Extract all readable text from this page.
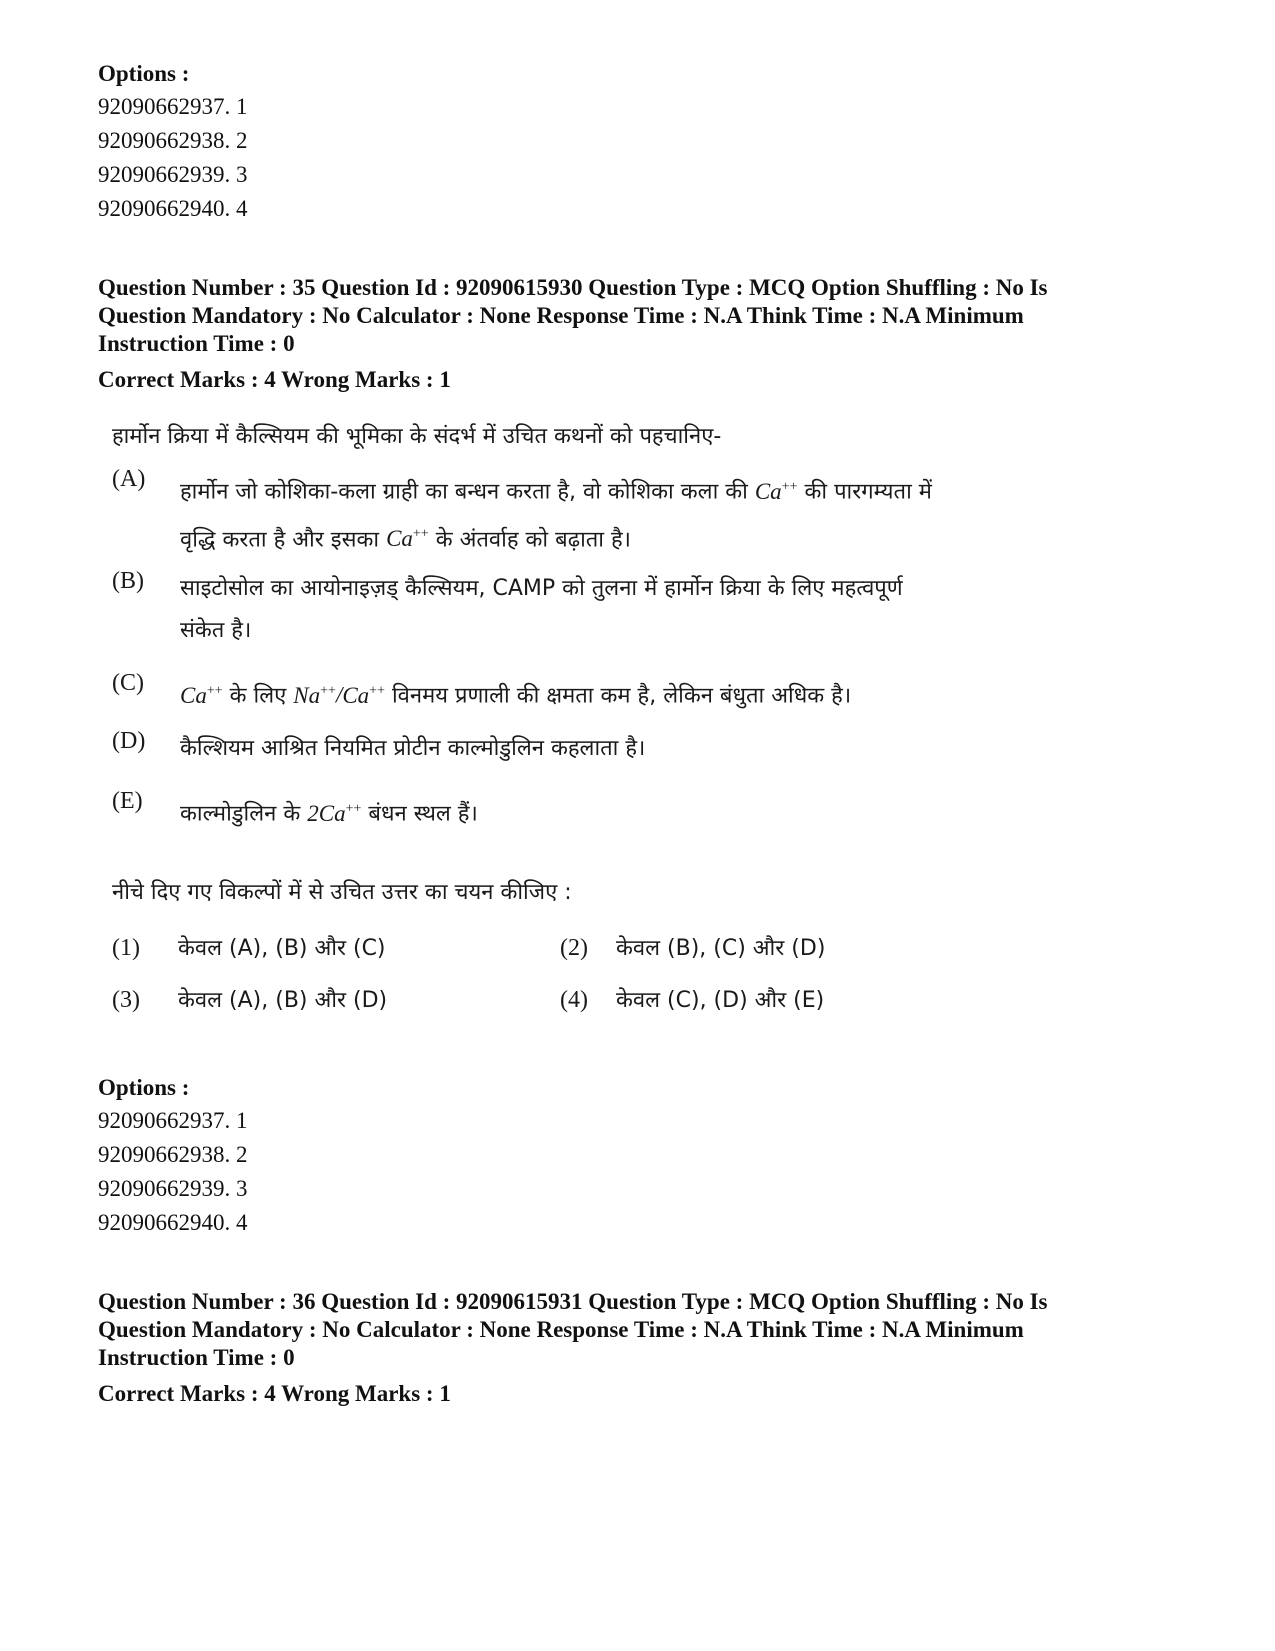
Options :

92090662937. 1

92090662938. 2

92090662939. 3

92090662940. 4

Question Number : 35 Question Id : 92090615930 Question Type : MCQ Option Shuffling : No Is

Question Mandatory : No Calculator : None Response Time : N.A Think Time : N.A Minimum

Instruction Time : 0

Correct Marks : 4 Wrong Marks : 1

हार्मोन क्रिया में कैल्सियम की भूमिका के संदर्भ में उचित कथनों को पहचानिए-
(A)
हार्मोन जो कोशिका-कला ग्राही का बन्धन करता है, वो कोशिका कला की Ca++ की पारगम्यता में
वृद्धि करता है और इसका Ca++ के अंतर्वाह को बढ़ाता है।
(B) साइटोसोल का आयोनाइज़ड् कैल्सियम, CAMP को तुलना में हार्मोन क्रिया के लिए महत्वपूर्ण
संकेत है।
(C) Ca++ के लिए Na++/Ca++ विनमय प्रणाली की क्षमता कम है, लेकिन बंधुता अधिक है।
(D) कैल्शियम आश्रित नियमित प्रोटीन काल्मोडुलिन कहलाता है।
(E)
काल्मोडुलिन के 2Ca++ बंधन स्थल हैं।
नीचे दिए गए विकल्पों में से उचित उत्तर का चयन कीजिए :
(1) केवल (A), (B) और (C)	(2) केवल (B), (C) और (D)
(3) केवल (A), (B) और (D)	(4) केवल (C), (D) और (E)

Options :

92090662937. 1

92090662938. 2

92090662939. 3

92090662940. 4

Question Number : 36 Question Id : 92090615931 Question Type : MCQ Option Shuffling : No Is

Question Mandatory : No Calculator : None Response Time : N.A Think Time : N.A Minimum

Instruction Time : 0

Correct Marks : 4 Wrong Marks : 1
